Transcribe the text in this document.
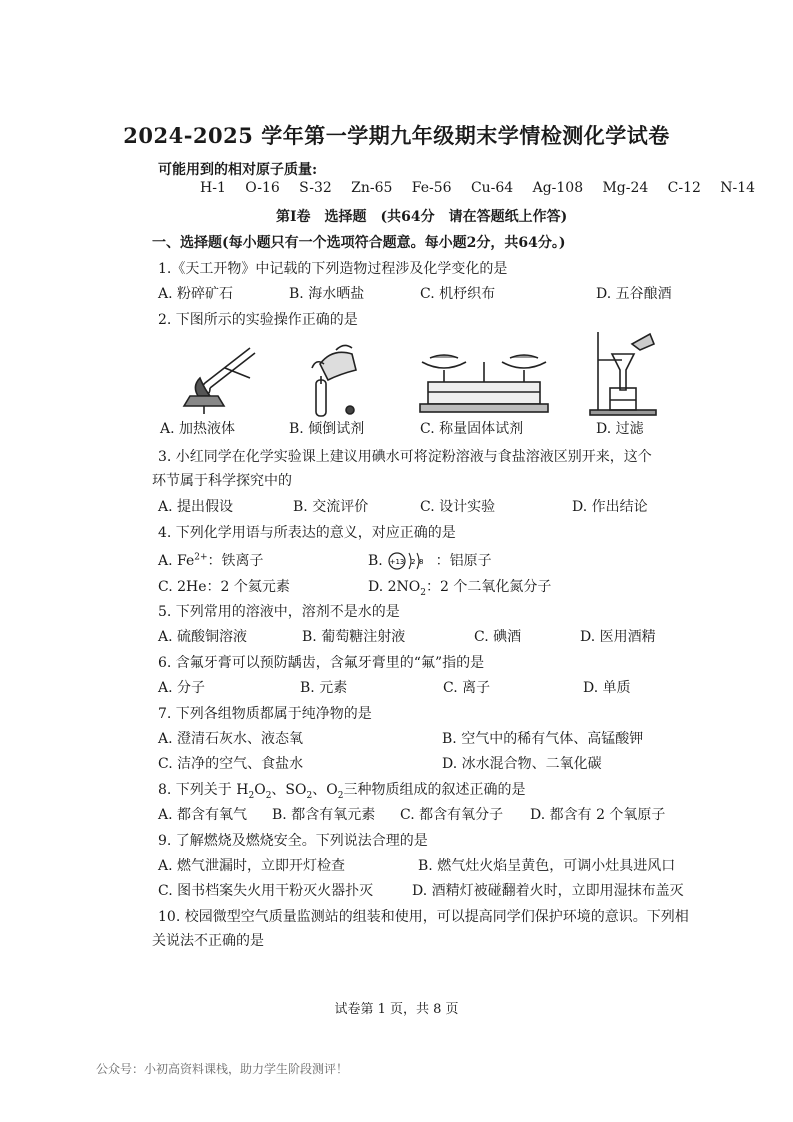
2024-2025 学年第一学期九年级期末学情检测化学试卷
可能用到的相对原子质量:
H-1 O-16 S-32 Zn-65 Fe-56 Cu-64 Ag-108 Mg-24 C-12 N-14
第I卷　选择题　(共64分　请在答题纸上作答)
一、选择题(每小题只有一个选项符合题意。每小题2分，共64分。)
1.《天工开物》中记载的下列造物过程涉及化学变化的是
A. 粉碎矿石	B. 海水晒盐	C. 机杼织布	D. 五谷酿酒
2. 下图所示的实验操作正确的是
A. 加热液体	B. 倾倒试剂	C. 称量固体试剂	D. 过滤
3. 小红同学在化学实验课上建议用碘水可将淀粉溶液与食盐溶液区别开来，这个
环节属于科学探究中的
A. 提出假设	B. 交流评价	C. 设计实验	D. 作出结论
4. 下列化学用语与所表达的意义，对应正确的是
A. $Fe^{2+}$：铁离子	B. +13 2 8 ：铝原子
C. 2He：2 个氦元素	D. $2NO_2$：2 个二氧化氮分子
5. 下列常用的溶液中，溶剂不是水的是
A. 硫酸铜溶液	B. 葡萄糖注射液	C. 碘酒	D. 医用酒精
6. 含氟牙膏可以预防龋齿，含氟牙膏里的“氟”指的是
A. 分子	B. 元素	C. 离子	D. 单质
7. 下列各组物质都属于纯净物的是
A. 澄清石灰水、液态氧	B. 空气中的稀有气体、高锰酸钾
C. 洁净的空气、食盐水	D. 冰水混合物、二氧化碳
8. 下列关于 $H_2O_2$、$SO_2$、$O_2$三种物质组成的叙述正确的是
A. 都含有氧气 B. 都含有氧元素 C. 都含有氧分子 D. 都含有 2 个氧原子
9. 了解燃烧及燃烧安全。下列说法合理的是
A. 燃气泄漏时，立即开灯检查	B. 燃气灶火焰呈黄色，可调小灶具进风口
C. 图书档案失火用干粉灭火器扑灭	D. 酒精灯被碰翻着火时，立即用湿抹布盖灭
10. 校园微型空气质量监测站的组装和使用，可以提高同学们保护环境的意识。下列相
关说法不正确的是
试卷第 1 页，共 8 页
公众号：小初高资料课栈，助力学生阶段测评！
